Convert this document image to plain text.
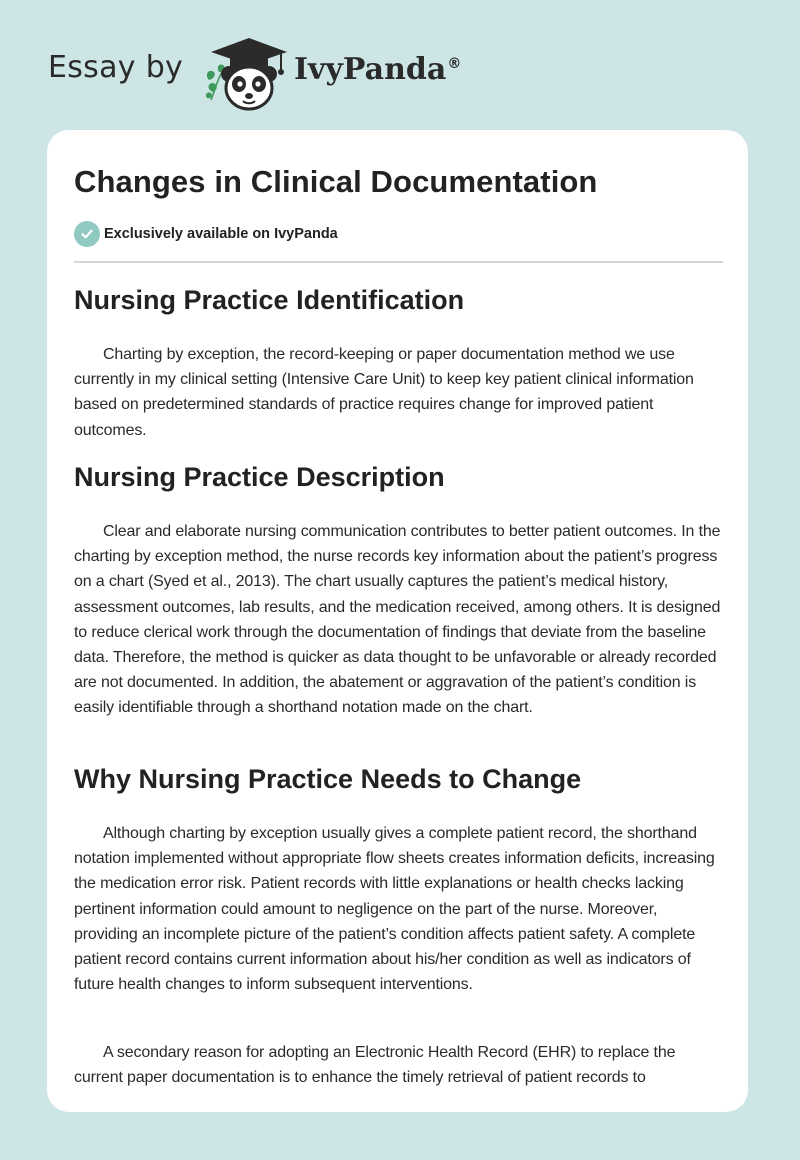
Essay by	IvyPanda®
Changes in Clinical Documentation
Exclusively available on IvyPanda
Nursing Practice Identification

Charting by exception, the record-keeping or paper documentation method we use currently in my clinical setting (Intensive Care Unit) to keep key patient clinical information based on predetermined standards of practice requires change for improved patient outcomes.

Nursing Practice Description

Clear and elaborate nursing communication contributes to better patient outcomes. In the charting by exception method, the nurse records key information about the patient’s progress on a chart (Syed et al., 2013). The chart usually captures the patient’s medical history, assessment outcomes, lab results, and the medication received, among others. It is designed to reduce clerical work through the documentation of findings that deviate from the baseline data. Therefore, the method is quicker as data thought to be unfavorable or already recorded are not documented. In addition, the abatement or aggravation of the patient’s condition is easily identifiable through a shorthand notation made on the chart.

Why Nursing Practice Needs to Change

Although charting by exception usually gives a complete patient record, the shorthand notation implemented without appropriate flow sheets creates information deficits, increasing the medication error risk. Patient records with little explanations or health checks lacking pertinent information could amount to negligence on the part of the nurse. Moreover, providing an incomplete picture of the patient’s condition affects patient safety. A complete patient record contains current information about his/her condition as well as indicators of future health changes to inform subsequent interventions.

A secondary reason for adopting an Electronic Health Record (EHR) to replace the current paper documentation is to enhance the timely retrieval of patient records to
